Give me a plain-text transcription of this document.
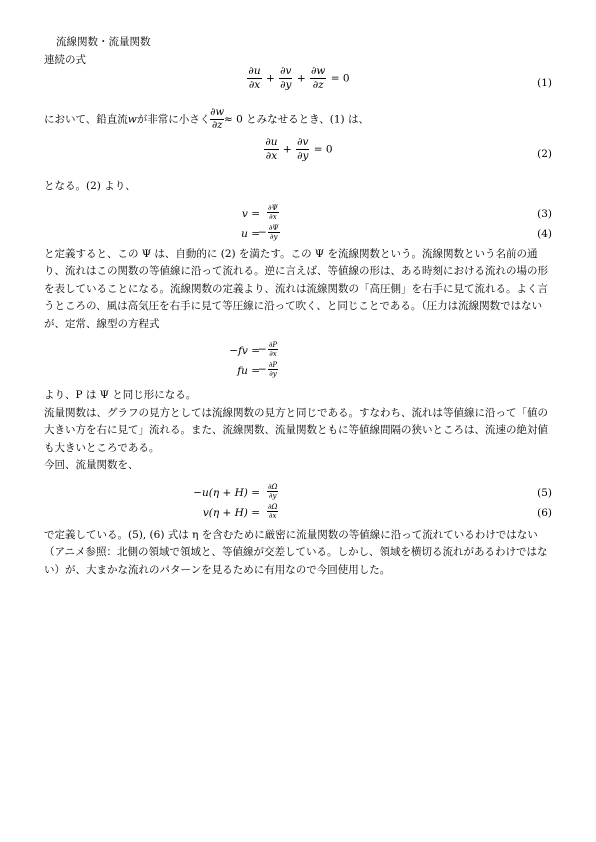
流線関数・流量関数
連続の式
$\frac{\partial u}{\partial x} + \frac{\partial v}{\partial y} + \frac{\partial w}{\partial z} = 0$	(1)
において、鉛直流wが非常に小さく $\frac{\partial w}{\partial z} \approx 0$ とみなせるとき、(1) は、
$\frac{\partial u}{\partial x} + \frac{\partial v}{\partial y} = 0$	(2)
となる。(2) より、
$v = \frac{\partial\Psi}{\partial x}$	(3)
u =
− $\frac{\partial\Psi}{\partial y}$	(4)
と定義すると、この Ψ は、自動的に (2) を満たす。この Ψ を流線関数という。流線関数という名前の通り、流れはこの関数の等値線に沿って流れる。逆に言えば、等値線の形は、ある時刻における流れの場の形を表していることになる。流線関数の定義より、流れは流線関数の「高圧側」を右手に見て流れる。よく言うところの、風は高気圧を右手に見て等圧線に沿って吹く、と同じことである。（圧力は流線関数ではないが、定常、線型の方程式
−fv =
− $\frac{\partial P}{\partial x}$
fu =
− $\frac{\partial P}{\partial y}$
より、P は Ψ と同じ形になる。
流量関数は、グラフの見方としては流線関数の見方と同じである。すなわち、流れは等値線に沿って「値の大きい方を右に見て」流れる。また、流線関数、流量関数ともに等値線間隔の狭いところは、流速の絶対値も大きいところである。
今回、流量関数を、
$-u(\eta + H) = \frac{\partial\Omega}{\partial y}$	(5)
$v(\eta + H) = \frac{\partial\Omega}{\partial x}$	(6)
で定義している。(5), (6) 式は η を含むために厳密に流量関数の等値線に沿って流れているわけではない（アニメ参照：北側の領域で領域と、等値線が交差している。しかし、領域を横切る流れがあるわけではない）が、大まかな流れのパターンを見るために有用なので今回使用した。
